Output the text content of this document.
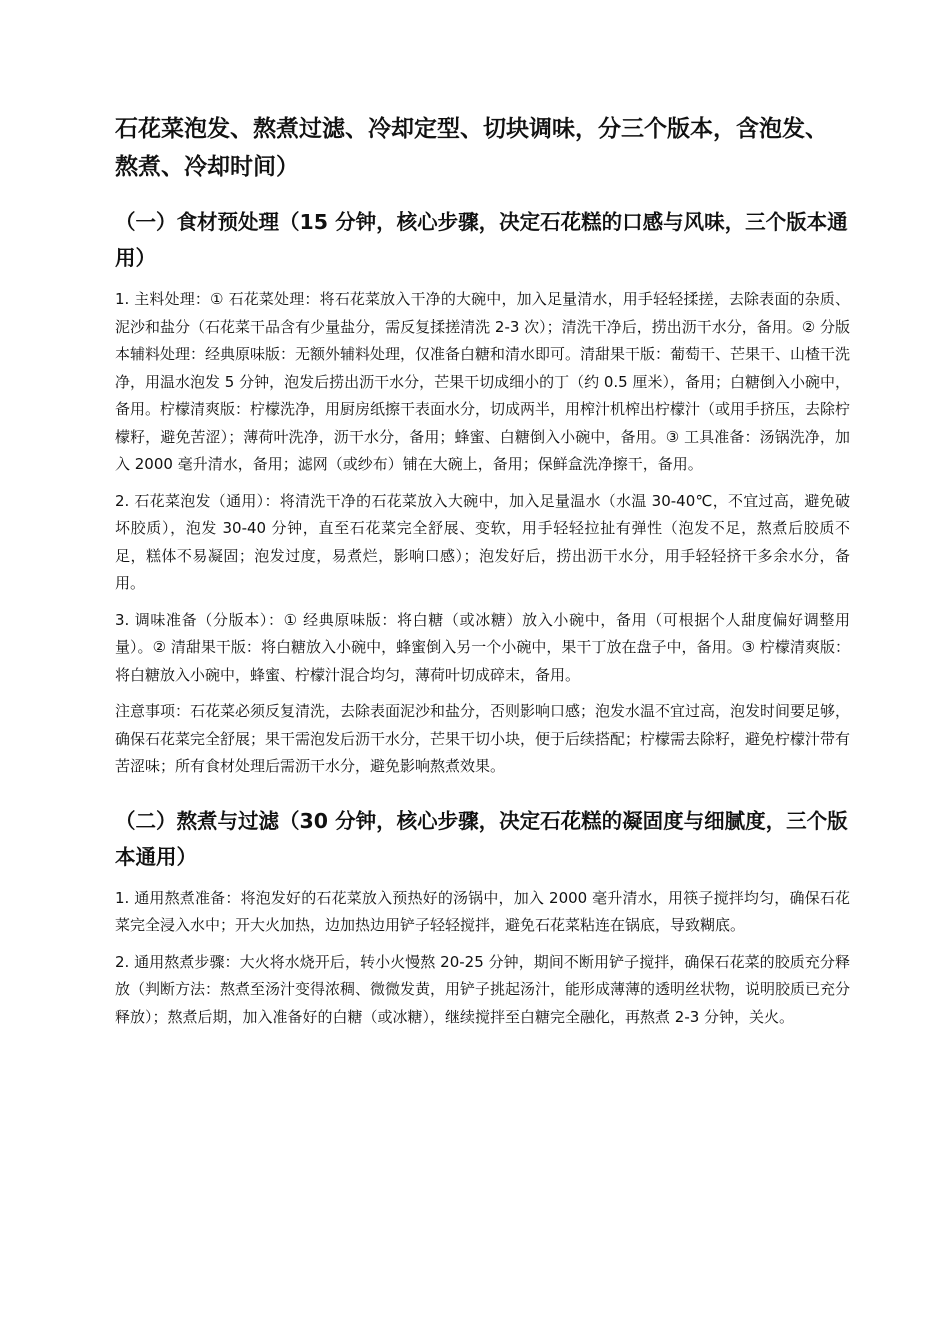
石花菜泡发、熬煮过滤、冷却定型、切块调味，分三个版本，含泡发、熬煮、冷却时间）
（一）食材预处理（15 分钟，核心步骤，决定石花糕的口感与风味，三个版本通用）

1. 主料处理：① 石花菜处理：将石花菜放入干净的大碗中，加入足量清水，用手轻轻揉搓，去除表面的杂质、泥沙和盐分（石花菜干品含有少量盐分，需反复揉搓清洗 2-3 次）；清洗干净后，捞出沥干水分，备用。② 分版本辅料处理：经典原味版：无额外辅料处理，仅准备白糖和清水即可。清甜果干版：葡萄干、芒果干、山楂干洗净，用温水泡发 5 分钟，泡发后捞出沥干水分，芒果干切成细小的丁（约 0.5 厘米），备用；白糖倒入小碗中，备用。柠檬清爽版：柠檬洗净，用厨房纸擦干表面水分，切成两半，用榨汁机榨出柠檬汁（或用手挤压，去除柠檬籽，避免苦涩）；薄荷叶洗净，沥干水分，备用；蜂蜜、白糖倒入小碗中，备用。③ 工具准备：汤锅洗净，加入 2000 毫升清水，备用；滤网（或纱布）铺在大碗上，备用；保鲜盒洗净擦干，备用。

2. 石花菜泡发（通用）：将清洗干净的石花菜放入大碗中，加入足量温水（水温 30-40℃，不宜过高，避免破坏胶质），泡发 30-40 分钟，直至石花菜完全舒展、变软，用手轻轻拉扯有弹性（泡发不足，熬煮后胶质不足，糕体不易凝固；泡发过度，易煮烂，影响口感）；泡发好后，捞出沥干水分，用手轻轻挤干多余水分，备用。

3. 调味准备（分版本）：① 经典原味版：将白糖（或冰糖）放入小碗中，备用（可根据个人甜度偏好调整用量）。② 清甜果干版：将白糖放入小碗中，蜂蜜倒入另一个小碗中，果干丁放在盘子中，备用。③ 柠檬清爽版：将白糖放入小碗中，蜂蜜、柠檬汁混合均匀，薄荷叶切成碎末，备用。

注意事项：石花菜必须反复清洗，去除表面泥沙和盐分，否则影响口感；泡发水温不宜过高，泡发时间要足够，确保石花菜完全舒展；果干需泡发后沥干水分，芒果干切小块，便于后续搭配；柠檬需去除籽，避免柠檬汁带有苦涩味；所有食材处理后需沥干水分，避免影响熬煮效果。

（二）熬煮与过滤（30 分钟，核心步骤，决定石花糕的凝固度与细腻度，三个版本通用）

1. 通用熬煮准备：将泡发好的石花菜放入预热好的汤锅中，加入 2000 毫升清水，用筷子搅拌均匀，确保石花菜完全浸入水中；开大火加热，边加热边用铲子轻轻搅拌，避免石花菜粘连在锅底，导致糊底。

2. 通用熬煮步骤：大火将水烧开后，转小火慢熬 20-25 分钟，期间不断用铲子搅拌，确保石花菜的胶质充分释放（判断方法：熬煮至汤汁变得浓稠、微微发黄，用铲子挑起汤汁，能形成薄薄的透明丝状物，说明胶质已充分释放）；熬煮后期，加入准备好的白糖（或冰糖），继续搅拌至白糖完全融化，再熬煮 2-3 分钟，关火。
